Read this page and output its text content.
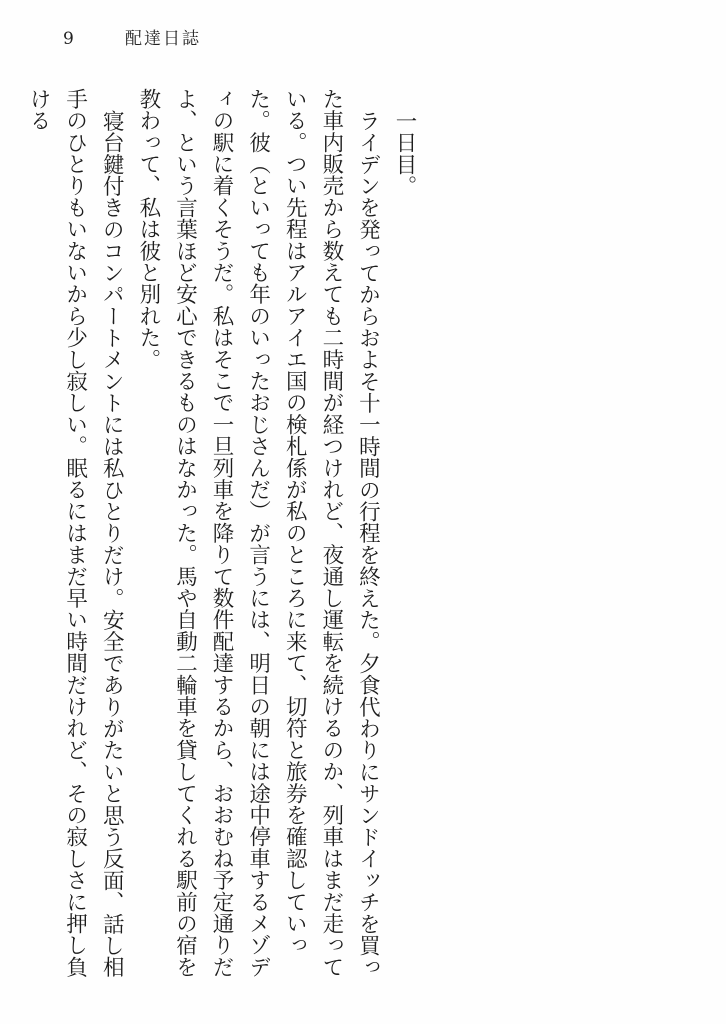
9	配達日誌

一日目。

ライデンを発ってからおよそ十一時間の行程を終えた。夕食代わりにサンドイッチを買った車内販売から数えても二時間が経つけれど、夜通し運転を続けるのか、列車はまだ走っている。つい先程はアルアイエ国の検札係が私のところに来て、切符と旅券を確認していった。彼（といっても年のいったおじさんだ）が言うには、明日の朝には途中停車するメゾディの駅に着くそうだ。私はそこで一旦列車を降りて数件配達するから、おおむね予定通りだよ、という言葉ほど安心できるものはなかった。馬や自動二輪車を貸してくれる駅前の宿を教わって、私は彼と別れた。

寝台鍵付きのコンパートメントには私ひとりだけ。安全でありがたいと思う反面、話し相手のひとりもいないから少し寂しい。眠るにはまだ早い時間だけれど、その寂しさに押し負ける
